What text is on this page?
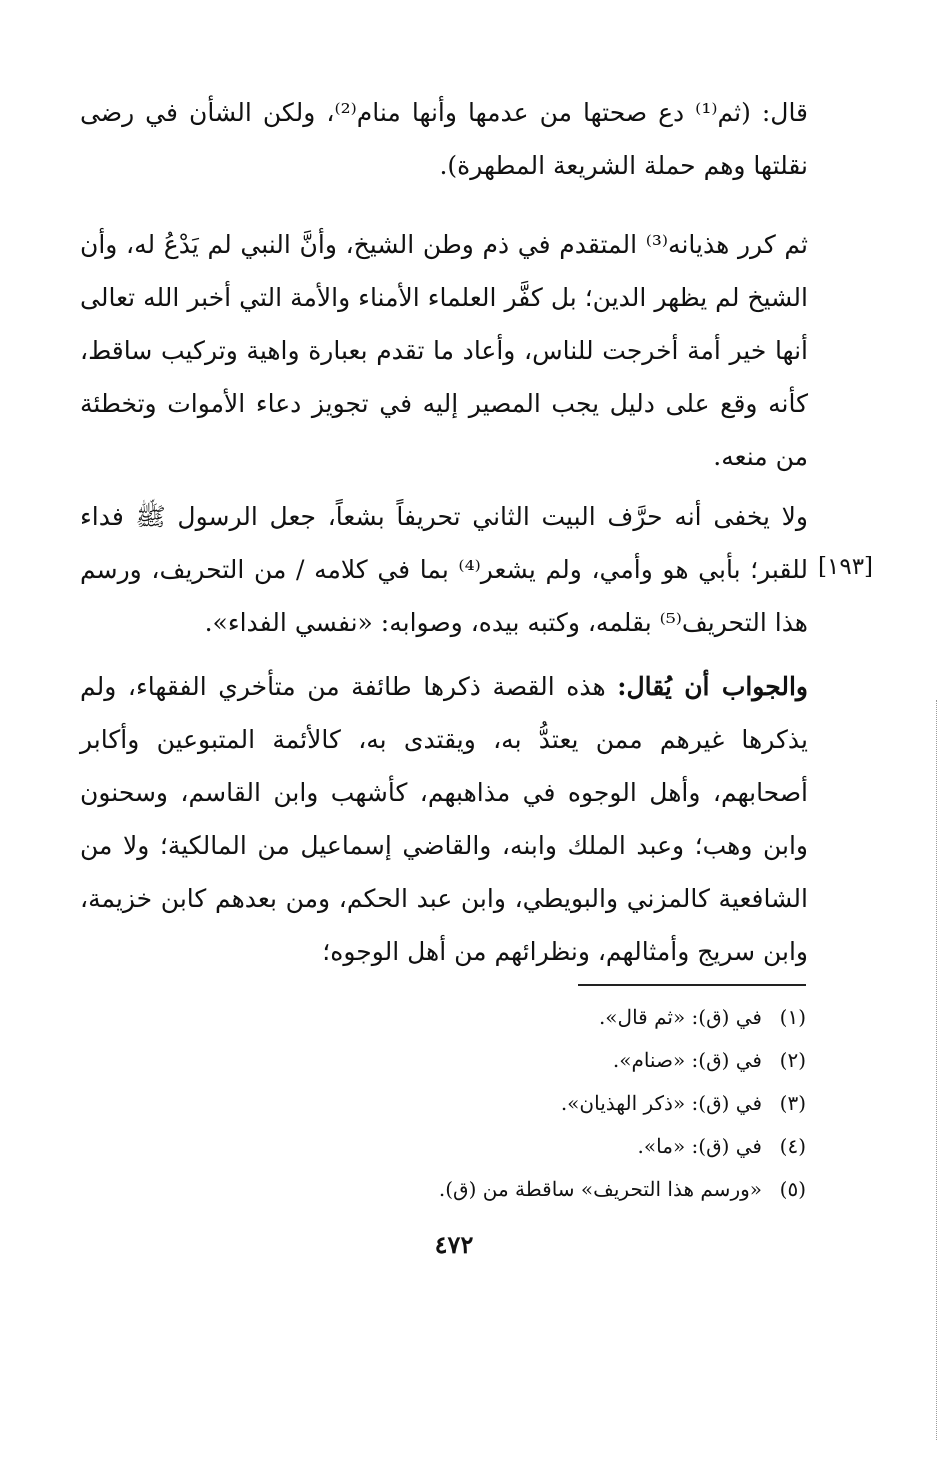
قال: (ثم⁽¹⁾ دع صحتها من عدمها وأنها منام⁽²⁾، ولكن الشأن في رضى نقلتها وهم حملة الشريعة المطهرة).

ثم كرر هذيانه⁽³⁾ المتقدم في ذم وطن الشيخ، وأنَّ النبي لم يَدْعُ له، وأن الشيخ لم يظهر الدين؛ بل كفَّر العلماء الأمناء والأمة التي أخبر الله تعالى أنها خير أمة أخرجت للناس، وأعاد ما تقدم بعبارة واهية وتركيب ساقط، كأنه وقع على دليل يجب المصير إليه في تجويز دعاء الأموات وتخطئة من منعه.

ولا يخفى أنه حرَّف البيت الثاني تحريفاً بشعاً، جعل الرسول ﷺ فداء للقبر؛ بأبي هو وأمي، ولم يشعر⁽⁴⁾ بما في كلامه / من التحريف، ورسم هذا التحريف⁽⁵⁾ بقلمه، وكتبه بيده، وصوابه: «نفسي الفداء».

[١٩٣]

والجواب أن يُقال: هذه القصة ذكرها طائفة من متأخري الفقهاء، ولم يذكرها غيرهم ممن يعتدُّ به، ويقتدى به، كالأئمة المتبوعين وأكابر أصحابهم، وأهل الوجوه في مذاهبهم، كأشهب وابن القاسم، وسحنون وابن وهب؛ وعبد الملك وابنه، والقاضي إسماعيل من المالكية؛ ولا من الشافعية كالمزني والبويطي، وابن عبد الحكم، ومن بعدهم كابن خزيمة، وابن سريج وأمثالهم، ونظرائهم من أهل الوجوه؛

(١)في (ق): «ثم قال».
(٢)في (ق): «صنام».
(٣)في (ق): «ذكر الهذيان».
(٤)في (ق): «ما».
(٥)«ورسم هذا التحريف» ساقطة من (ق).
٤٧٢
